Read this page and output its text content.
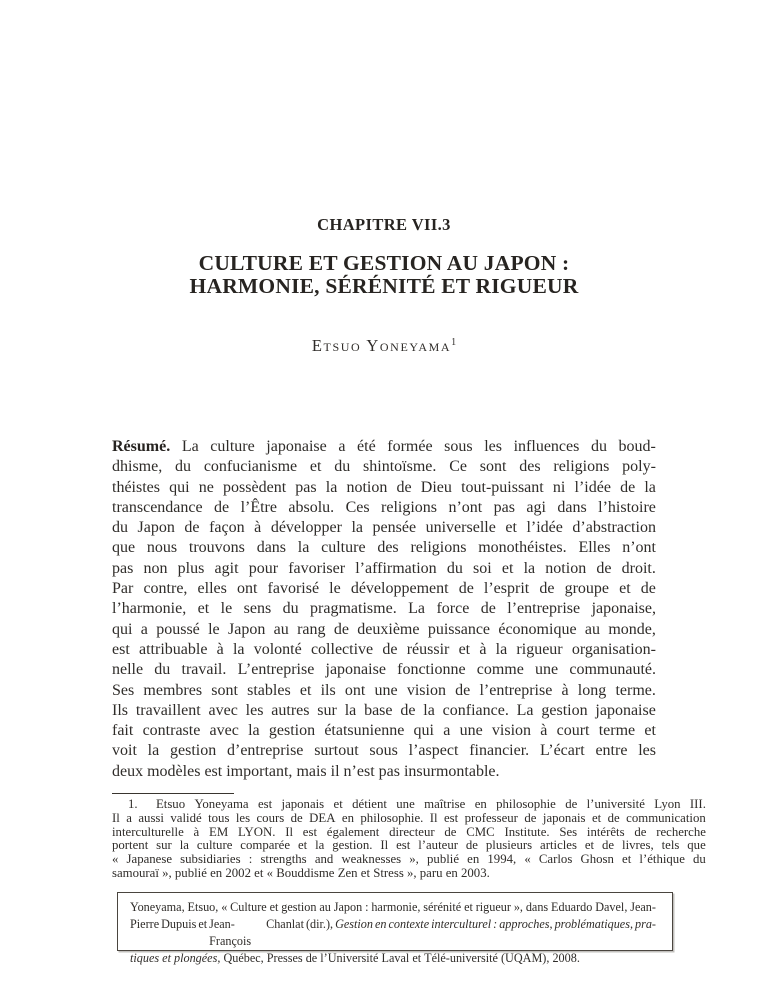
CHAPITRE VII.3
CULTURE ET GESTION AU JAPON :
HARMONIE, SÉRÉNITÉ ET RIGUEUR
Etsuo Yoneyama$^1$
Résumé. La culture japonaise a été formée sous les influences du boud-
dhisme, du confucianisme et du shintoïsme. Ce sont des religions poly-
théistes qui ne possèdent pas la notion de Dieu tout-puissant ni l’idée de la
transcendance de l’Être absolu. Ces religions n’ont pas agi dans l’histoire
du Japon de façon à développer la pensée universelle et l’idée d’abstraction
que nous trouvons dans la culture des religions monothéistes. Elles n’ont
pas non plus agit pour favoriser l’affirmation du soi et la notion de droit.
Par contre, elles ont favorisé le développement de l’esprit de groupe et de
l’harmonie, et le sens du pragmatisme. La force de l’entreprise japonaise,
qui a poussé le Japon au rang de deuxième puissance économique au monde,
est attribuable à la volonté collective de réussir et à la rigueur organisation-
nelle du travail. L’entreprise japonaise fonctionne comme une communauté.
Ses membres sont stables et ils ont une vision de l’entreprise à long terme.
Ils travaillent avec les autres sur la base de la confiance. La gestion japonaise
fait contraste avec la gestion étatsunienne qui a une vision à court terme et
voit la gestion d’entreprise surtout sous l’aspect financier. L’écart entre les
deux modèles est important, mais il n’est pas insurmontable.
1. Etsuo Yoneyama est japonais et détient une maîtrise en philosophie de l’université Lyon III.
Il a aussi validé tous les cours de DEA en philosophie. Il est professeur de japonais et de communication
interculturelle à EM LYON. Il est également directeur de CMC Institute. Ses intérêts de recherche
portent sur la culture comparée et la gestion. Il est l’auteur de plusieurs articles et de livres, tels que
« Japanese subsidiaries : strengths and weaknesses », publié en 1994, « Carlos Ghosn et l’éthique du
samouraï », publié en 2002 et « Bouddisme Zen et Stress », paru en 2003.
Yoneyama, Etsuo, « Culture et gestion au Japon : harmonie, sérénité et rigueur », dans Eduardo Davel, Jean-
Pierre Dupuis et Jean-François
Chanlat (dir.), Gestion en contexte interculturel : approches, problématiques, pra-
tiques et plongées, Québec, Presses de l’Université Laval et Télé-université (UQAM), 2008.
